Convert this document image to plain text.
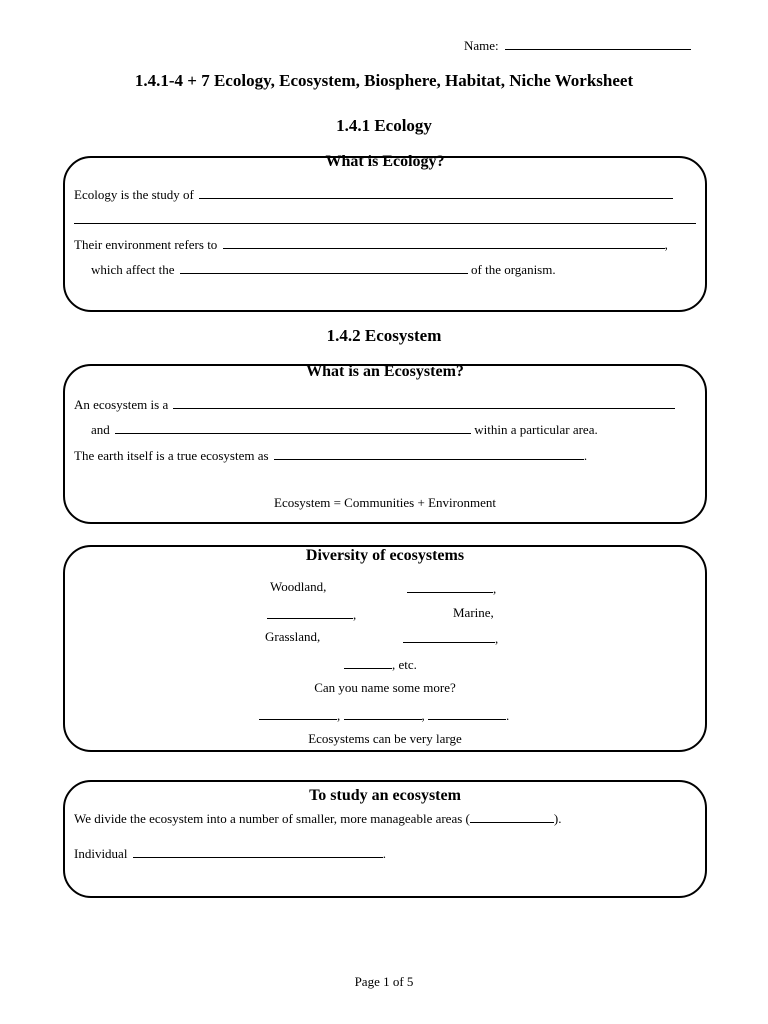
Name:
1.4.1-4 + 7 Ecology, Ecosystem, Biosphere, Habitat, Niche Worksheet
1.4.1 Ecology
What is Ecology?
Ecology is the study of
Their environment refers to	,
which affect the	of the organism.
1.4.2 Ecosystem
What is an Ecosystem?
An ecosystem is a
and	within a particular area.
The earth itself is a true ecosystem as	.
Ecosystem = Communities + Environment
Diversity of ecosystems
Woodland,	,
,	Marine,
Grassland,	,
, etc.
Can you name some more?
,	,	.
Ecosystems can be very large
To study an ecosystem
We divide the ecosystem into a number of smaller, more manageable areas (	).
Individual	.
Page 1 of 5
